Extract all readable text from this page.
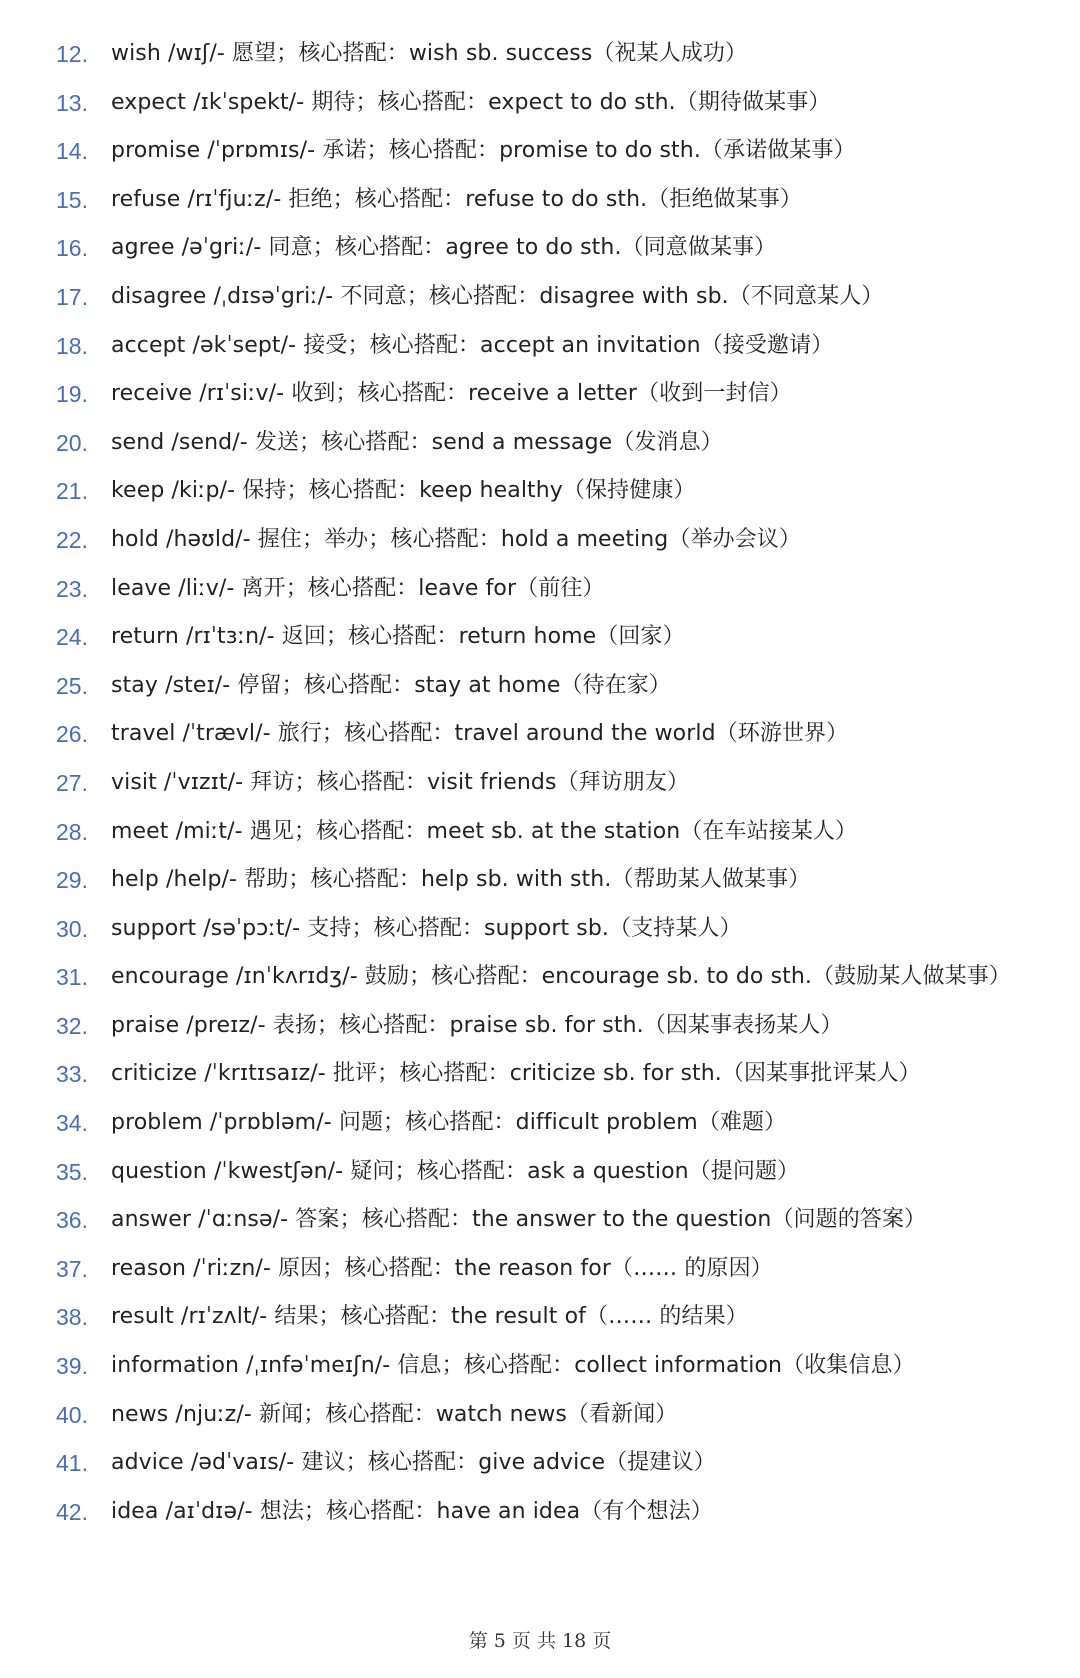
12.	wish /wɪʃ/- 愿望；核心搭配：wish sb. success（祝某人成功）
13.	expect /ɪkˈspekt/- 期待；核心搭配：expect to do sth.（期待做某事）
14.	promise /ˈprɒmɪs/- 承诺；核心搭配：promise to do sth.（承诺做某事）
15.	refuse /rɪˈfjuːz/- 拒绝；核心搭配：refuse to do sth.（拒绝做某事）
16.	agree /əˈgriː/- 同意；核心搭配：agree to do sth.（同意做某事）
17.	disagree /ˌdɪsəˈgriː/- 不同意；核心搭配：disagree with sb.（不同意某人）
18.	accept /əkˈsept/- 接受；核心搭配：accept an invitation（接受邀请）
19.	receive /rɪˈsiːv/- 收到；核心搭配：receive a letter（收到一封信）
20.	send /send/- 发送；核心搭配：send a message（发消息）
21.	keep /kiːp/- 保持；核心搭配：keep healthy（保持健康）
22.	hold /həʊld/- 握住；举办；核心搭配：hold a meeting（举办会议）
23.	leave /liːv/- 离开；核心搭配：leave for（前往）
24.	return /rɪˈtɜːn/- 返回；核心搭配：return home（回家）
25.	stay /steɪ/- 停留；核心搭配：stay at home（待在家）
26.	travel /ˈtrævl/- 旅行；核心搭配：travel around the world（环游世界）
27.	visit /ˈvɪzɪt/- 拜访；核心搭配：visit friends（拜访朋友）
28.	meet /miːt/- 遇见；核心搭配：meet sb. at the station（在车站接某人）
29.	help /help/- 帮助；核心搭配：help sb. with sth.（帮助某人做某事）
30.	support /səˈpɔːt/- 支持；核心搭配：support sb.（支持某人）
31.	encourage /ɪnˈkʌrɪdʒ/- 鼓励；核心搭配：encourage sb. to do sth.（鼓励某人做某事）
32.	praise /preɪz/- 表扬；核心搭配：praise sb. for sth.（因某事表扬某人）
33.	criticize /ˈkrɪtɪsaɪz/- 批评；核心搭配：criticize sb. for sth.（因某事批评某人）
34.	problem /ˈprɒbləm/- 问题；核心搭配：difficult problem（难题）
35.	question /ˈkwestʃən/- 疑问；核心搭配：ask a question（提问题）
36.	answer /ˈɑːnsə/- 答案；核心搭配：the answer to the question（问题的答案）
37.	reason /ˈriːzn/- 原因；核心搭配：the reason for（…… 的原因）
38.	result /rɪˈzʌlt/- 结果；核心搭配：the result of（…… 的结果）
39.	information /ˌɪnfəˈmeɪʃn/- 信息；核心搭配：collect information（收集信息）
40.	news /njuːz/- 新闻；核心搭配：watch news（看新闻）
41.	advice /ədˈvaɪs/- 建议；核心搭配：give advice（提建议）
42.	idea /aɪˈdɪə/- 想法；核心搭配：have an idea（有个想法）
第 5 页 共 18 页
